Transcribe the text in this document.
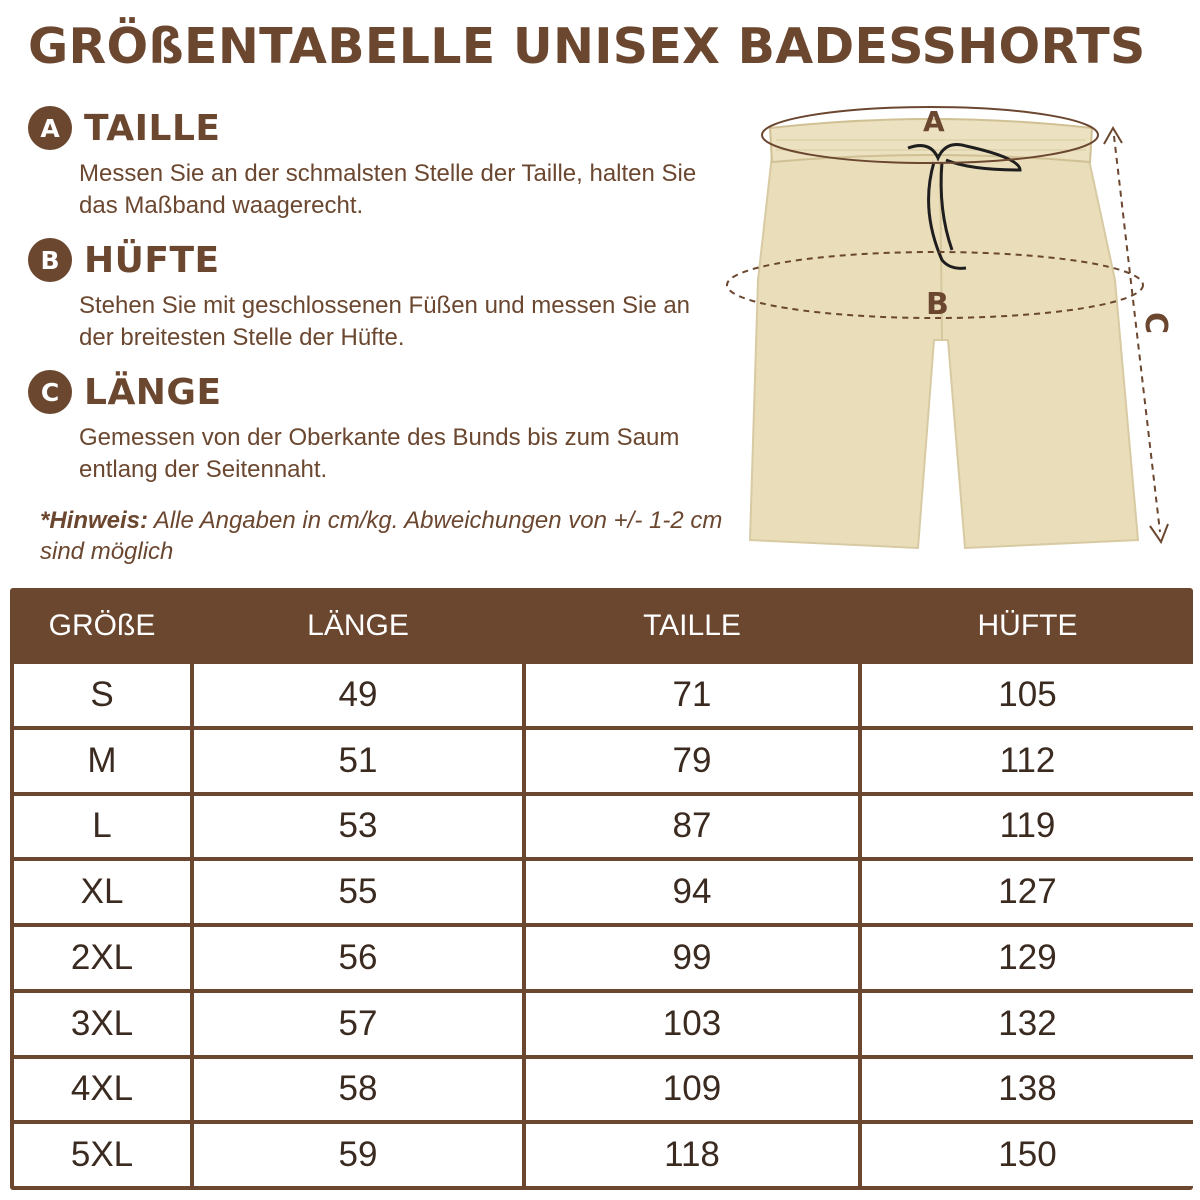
GRÖßENTABELLE UNISEX BADESSHORTS
A TAILLE
Messen Sie an der schmalsten Stelle der Taille, halten Sie das Maßband waagerecht.
B HÜFTE
Stehen Sie mit geschlossenen Füßen und messen Sie an der breitesten Stelle der Hüfte.
C LÄNGE
Gemessen von der Oberkante des Bunds bis zum Saum entlang der Seitennaht.
*Hinweis: Alle Angaben in cm/kg. Abweichungen von +/- 1-2 cm sind möglich
A
B
C
GRÖßE	LÄNGE	TAILLE	HÜFTE
S	49	71	105
M	51	79	112
L	53	87	119
XL	55	94	127
2XL	56	99	129
3XL	57	103	132
4XL	58	109	138
5XL	59	118	150
